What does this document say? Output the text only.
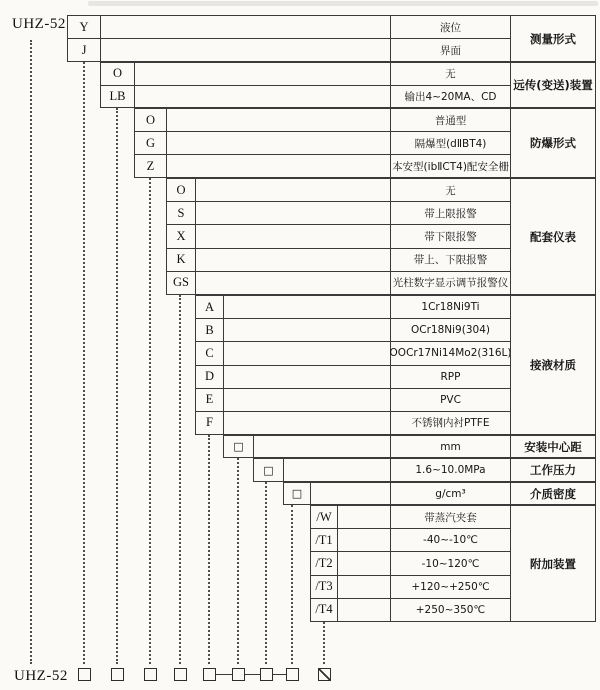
UHZ-52	Y	液位
J	界面
测量形式
O	无
LB	输出4~20MA、CD
远传(变送)装置
O	普通型
G	隔爆型(dⅡBT4)
Z	本安型(ibⅡCT4)配安全栅
防爆形式
O	无
S	带上限报警
X	带下限报警
K	带上、下限报警
GS	光柱数字显示调节报警仪
配套仪表
A	1Cr18Ni9Ti
B	OCr18Ni9(304)
C	OOCr17Ni14Mo2(316L)
D	RPP
E	PVC
F	不锈钢内衬PTFE
接液材质
□	mm	安装中心距
□	1.6~10.0MPa	工作压力
□	g/cm³	介质密度
/W	带蒸汽夹套
/T1	-40~-10℃
/T2	-10~120℃
/T3	+120~+250℃
/T4	+250~350℃
附加装置
UHZ-52
